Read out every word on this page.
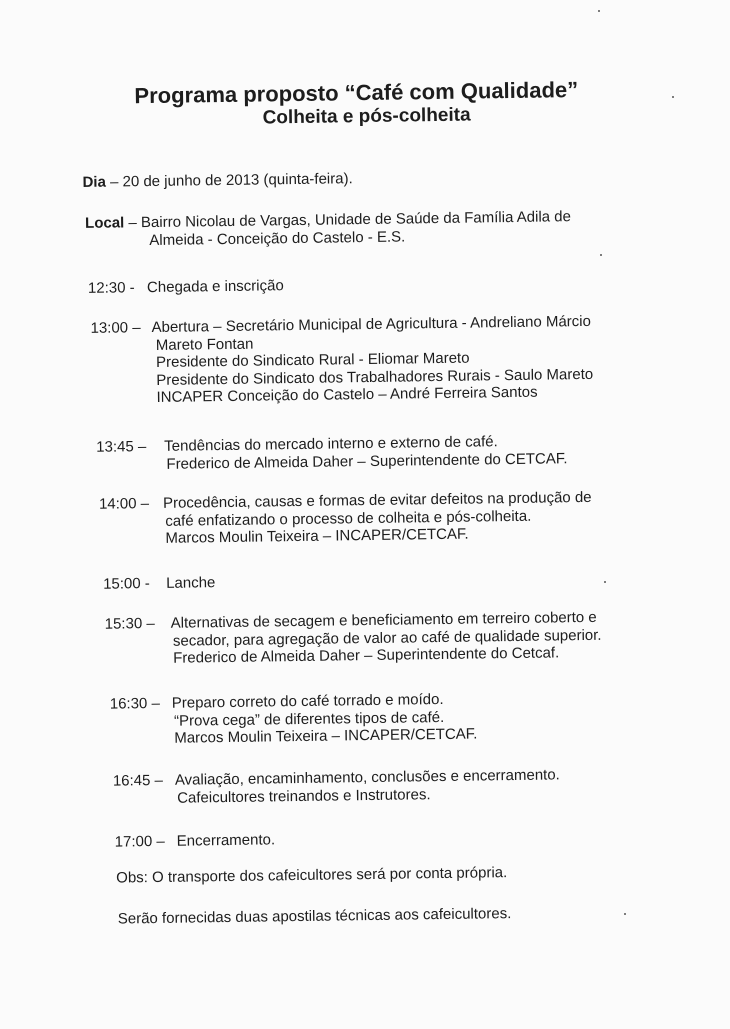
Programa proposto “Café com Qualidade”
Colheita e pós-colheita
Dia – 20 de junho de 2013 (quinta-feira).
Local – Bairro Nicolau de Vargas, Unidade de Saúde da Família Adila de
Almeida - Conceição do Castelo - E.S.
12:30 - Chegada e inscrição
13:00 – Abertura – Secretário Municipal de Agricultura - Andreliano Márcio
Mareto Fontan
Presidente do Sindicato Rural - Eliomar Mareto
Presidente do Sindicato dos Trabalhadores Rurais - Saulo Mareto
INCAPER Conceição do Castelo – André Ferreira Santos
13:45 – Tendências do mercado interno e externo de café.
Frederico de Almeida Daher – Superintendente do CETCAF.
14:00 – Procedência, causas e formas de evitar defeitos na produção de
café enfatizando o processo de colheita e pós-colheita.
Marcos Moulin Teixeira – INCAPER/CETCAF.
15:00 - Lanche
15:30 – Alternativas de secagem e beneficiamento em terreiro coberto e
secador, para agregação de valor ao café de qualidade superior.
Frederico de Almeida Daher – Superintendente do Cetcaf.
16:30 – Preparo correto do café torrado e moído.
“Prova cega” de diferentes tipos de café.
Marcos Moulin Teixeira – INCAPER/CETCAF.
16:45 – Avaliação, encaminhamento, conclusões e encerramento.
Cafeicultores treinandos e Instrutores.
17:00 – Encerramento.
Obs: O transporte dos cafeicultores será por conta própria.
Serão fornecidas duas apostilas técnicas aos cafeicultores.
